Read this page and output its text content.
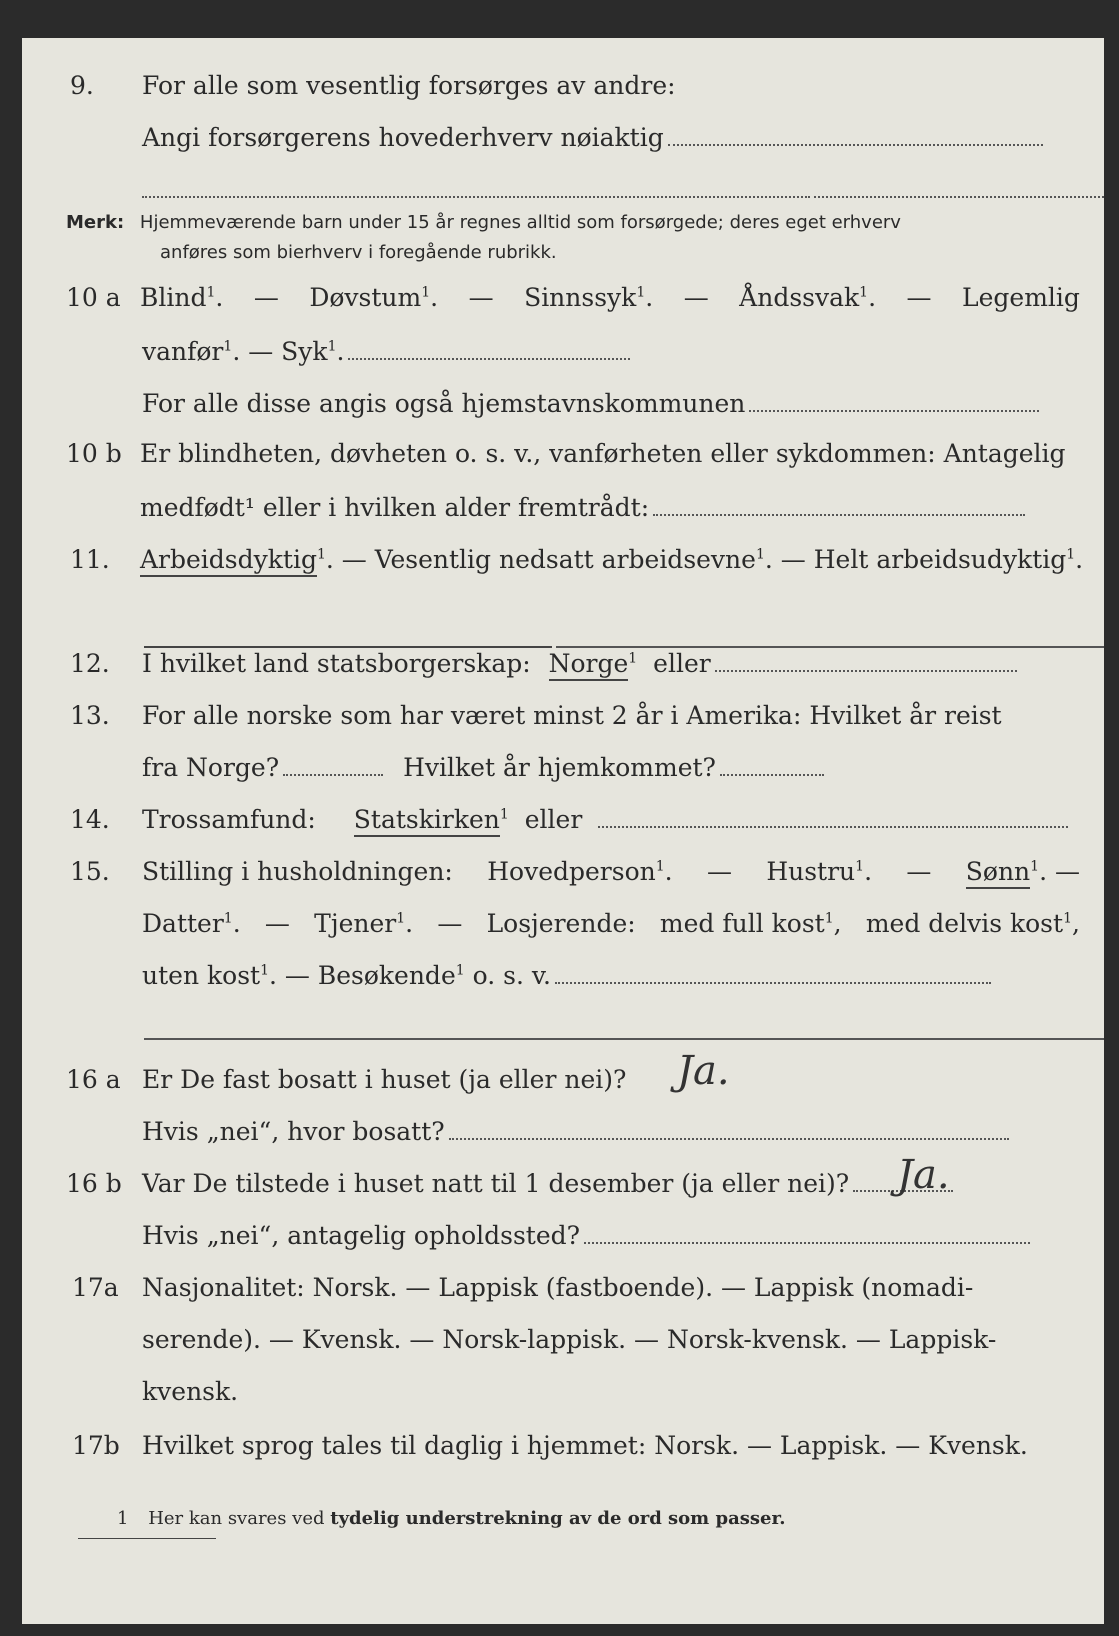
9. For alle som vesentlig forsørges av andre:
Angi forsørgerens hovederhverv nøiaktig
Merk: Hjemmeværende barn under 15 år regnes alltid som forsørgede; deres eget erhverv
anføres som bierhverv i foregående rubrikk.
10 a Blind$^1$. — Døvstum$^1$. — Sinnssyk$^1$. — Åndssvak$^1$. — Legemlig
vanfør$^1$. — Syk$^1$.
For alle disse angis også hjemstavnskommunen
10 b Er blindheten, døvheten o. s. v., vanførheten eller sykdommen: Antagelig
medfødt¹ eller i hvilken alder fremtrådt:
11. Arbeidsdyktig$^1$. — Vesentlig nedsatt arbeidsevne$^1$. — Helt arbeidsudyktig$^1$.
12. I hvilket land statsborgerskap: Norge$^1$ eller
13. For alle norske som har været minst 2 år i Amerika: Hvilket år reist
fra Norge?	Hvilket år hjemkommet?
14. Trossamfund: Statskirken$^1$ eller
15. Stilling i husholdningen: Hovedperson$^1$. — Hustru$^1$. — Sønn$^1$. —
Datter$^1$. — Tjener$^1$. — Losjerende: med full kost$^1$, med delvis kost$^1$,
uten kost$^1$. — Besøkende$^1$ o. s. v.
16 a Er De fast bosatt i huset (ja eller nei)?	Ja.
Hvis „nei“, hvor bosatt?
16 b Var De tilstede i huset natt til 1 desember (ja eller nei)?	Ja.
Hvis „nei“, antagelig opholdssted?
17a Nasjonalitet: Norsk. — Lappisk (fastboende). — Lappisk (nomadi-
serende). — Kvensk. — Norsk-lappisk. — Norsk-kvensk. — Lappisk-
kvensk.
17b Hvilket sprog tales til daglig i hjemmet: Norsk. — Lappisk. — Kvensk.
1 Her kan svares ved tydelig understrekning av de ord som passer.
